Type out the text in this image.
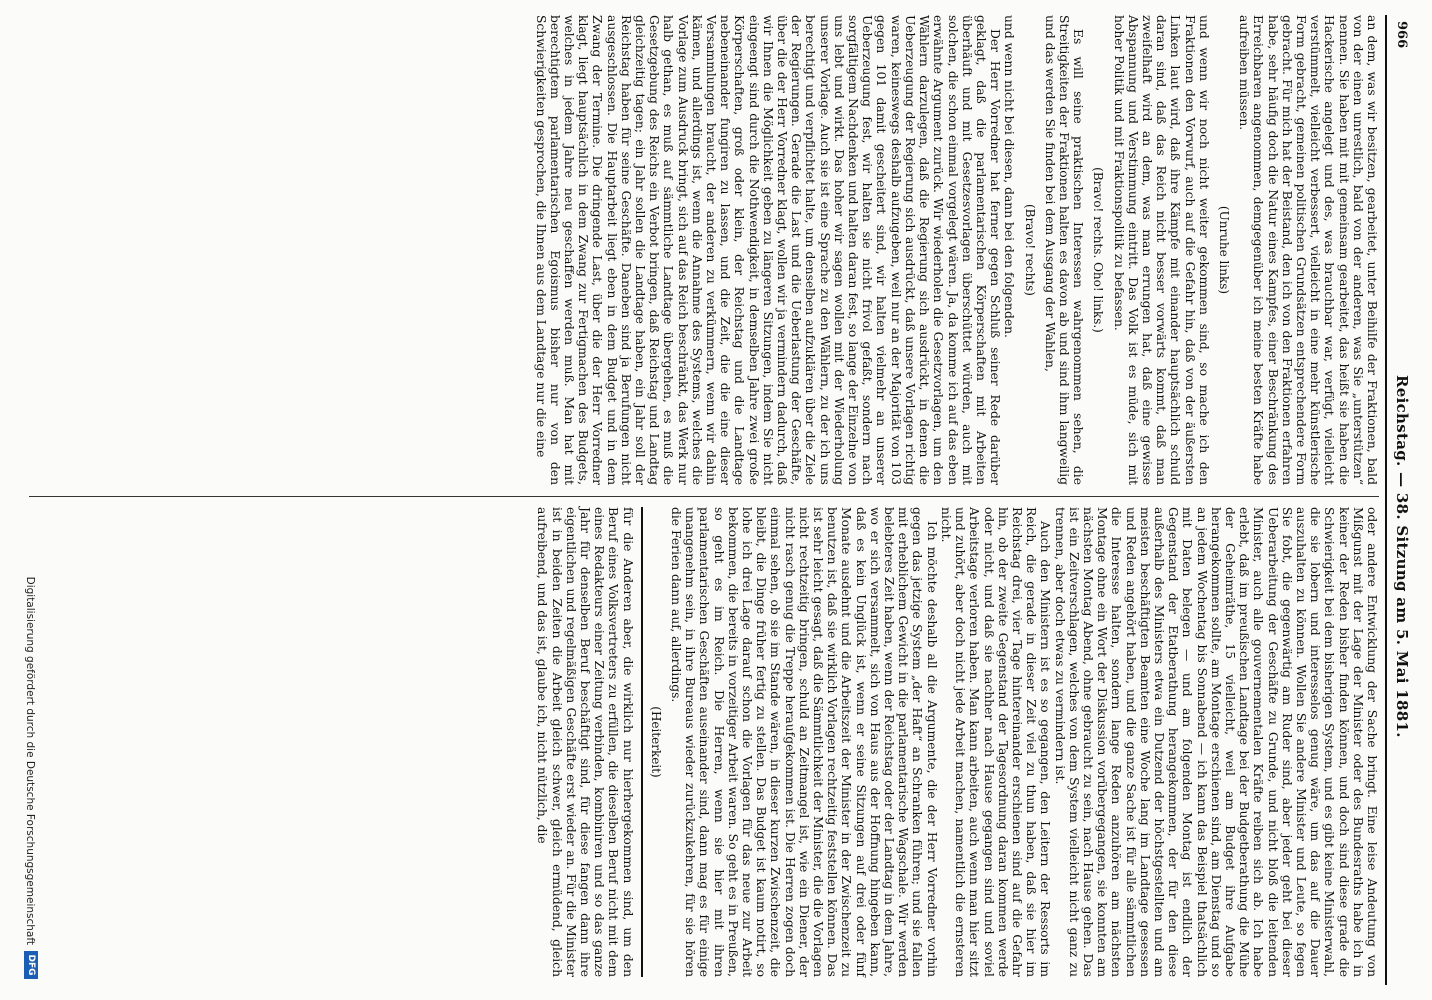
966
Reichstag. — 38. Sitzung am 5. Mai 1881.

an dem, was wir besitzen, gearbeitet, unter Beihilfe der Fraktionen, bald von der einen unrestlich, bald von der anderen, was Sie „unterstützen“ nennen. Sie haben mit mit gemeinsam gearbeitet, das heißt sie haben die Hackerische angelegt und des, was brauchbar war, verfügt, vielleicht verstümmelt, vielleicht verbessert, vielleicht in eine mehr künstlerische Form gebracht, gemeinen politischen Grundsätzen entsprechendere Form gebracht. Für mich hat der Beistand, den ich von den Fraktionen erfahren habe, sehr häufig doch die Natur eines Kampfes, einer Beschränkung des Erreichbaren angenommen, demgegenüber ich meine besten Kräfte habe aufreiben müssen.

(Unruhe links)

und wenn wir noch nicht weiter gekommen sind, so mache ich den Fraktionen den Vorwurf, auch auf die Gefahr hin, daß von der äußersten Linken laut wird, daß ihre Kämpfe mit einander hauptsächlich schuld daran sind, daß das Reich nicht besser vorwärts kommt, daß man zweifelhaft wird an dem, was man errungen hat, daß eine gewisse Abspannung und Verstimmung eintritt. Das Volk ist es müde, sich mit hoher Politik und mit Fraktionspolitik zu befassen.

(Bravo! rechts. Oho! links.)

Es will seine praktischen Interessen wahrgenommen sehen, die Streitigkeiten der Fraktionen halten es davon ab und sind ihm langweilig und das werden Sie finden bei dem Ausgang der Wahlen,

(Bravo! rechts)

und wenn nicht bei diesen, dann bei den folgenden.

Der Herr Vorredner hat ferner gegen Schluß seiner Rede darüber geklagt, daß die parlamentarischen Körperschaften mit Arbeiten überhäuft und mit Gesetzesvorlagen überschüttet würden, auch mit solchen, die schon einmal vorgelegt wären. Ja, da komme ich auf das eben erwähnte Argument zurück. Wir wiederholen die Gesetzvorlagen, um den Wählern darzulegen, daß die Regierung sich ausdrückt, in denen die Ueberzeugung der Regierung sich ausdrückt, daß unsere Vorlagen richtig waren, keineswegs deshalb aufzugeben, weil nur an der Majorität von 103 gegen 101 damit gescheitert sind, wir halten vielmehr an unserer Ueberzeugung fest, wir halten sie nicht frivol gefaßt, sondern nach sorgfältigem Nachdenken und halten daran fest, so lange der Einzelne von uns lebt und wirkt. Das hoher wir sagen wollen mit der Wiederholung unserer Vorlage. Auch sie ist eine Sprache zu den Wählern, zu der ich uns berechtigt und verpflichtet halte, um denselben aufzuklären über die Ziele der Regierungen. Gerade die Last und die Ueberlastung der Geschäfte, über die der Herr Vorredner klagt, wollen wir ja vermindern dadurch, daß wir Ihnen die Möglichkeit geben zu längeren Sitzungen, indem Sie nicht eingeengt sind durch die Nothwendigkeit, in demselben Jahre zwei große Körperschaften, groß oder klein, der Reichstag und die Landtage nebeneinander fungiren zu lassen, und die Zeit, die die eine dieser Versammlungen braucht, der anderen zu verkümmern, wenn wir dahin kämen, und allerdings ist, wenn die Annahme des Systems, welches die Vorlage zum Ausdruck bringt, sich auf das Reich beschränkt, das Werk nur halb gethan, es muß auf sämmtliche Landtage übergehen, es muß die Gesetzgebung des Reichs ein Verbot bringen, daß Reichstag und Landtag gleichzeitig tagen; ein Jahr sollen die Landtage haben, ein Jahr soll der Reichstag haben für seine Geschäfte. Daneben sind ja Berufungen nicht ausgeschlossen. Die Hauptarbeit liegt eben in dem Budget und in dem Zwang der Termine. Die dringende Last, über die der Herr Vorredner klagt, liegt hauptsächlich in dem Zwang zur Fertigmachen des Budgets, welches in jedem Jahre neu geschaffen werden muß. Man hat mit berechtigtem parlamentarischen Egoismus bisher nur von den Schwierigkeiten gesprochen, die Ihnen aus dem Landtage nur die eine

oder andere Entwicklung der Sache bringt. Eine leise Andeutung von Mißgunst mit der Lage der Minister oder des Bundesraths habe ich in keiner der Reden bisher finden können, und doch sind diese grade die Schwierigkeit bei dem bisherigen System, und es gibt keine Ministerwahl, die sie lobern und interesselos genug wäre, um das auf die Dauer auszuhalten zu können. Wollen Sie andere Minister und Leute, so fegen Sie fobt, die gegenwärtig am Ruder sind, aber jeder geht bei dieser Ueberarbeitung der Geschäfte zu Grunde, und nicht bloß die leitenden Minister, auch alle gouvernementalen Kräfte reiben sich ab. Ich habe erlebt, daß im preußischen Landtage bei der Budgetberathung die Mühe der Geheimräthe, 15 vielleicht, weil am Budget ihre Aufgabe herangekommen sollte, am Montage erschienen sind, am Dienstag und so an jedem Wochentag bis Sonnabend — ich kann das Beispiel thatsächlich mit Daten belegen — und am folgenden Montag ist endlich der Gegenstand der Etatberathung herangekommen, der für den diese außerhalb des Ministers etwa ein Dutzend der höchstgestellten und am meisten beschäftigten Beamten eine Woche lang im Landtage gesessen und Reden angehört haben, und die ganze Sache ist für alle sämmtlichen die Interesse halten, sondern lange Reden anzuhören am nächsten Montage ohne ein Wort der Diskussion vorübergegangen, sie konnten am nächsten Montag Abend, ohne gebraucht zu sein, nach Hause gehen. Das ist ein Zeitverschlagen, welches von dem System vielleicht nicht ganz zu trennen, aber doch etwas zu vermindern ist.

Auch den Ministern ist es so gegangen, den Leitern der Ressorts im Reich, die gerade in dieser Zeit viel zu thun haben, daß sie hier im Reichstag drei, vier Tage hintereinander erschienen sind auf die Gefahr hin, ob der zweite Gegenstand der Tagesordnung daran kommen werde oder nicht, und daß sie nachher nach Hause gegangen sind und soviel Arbeitstage verloren haben. Man kann arbeiten, auch wenn man hier sitzt und zuhört, aber doch nicht jede Arbeit machen, namentlich die ernsteren nicht.

Ich möchte deshalb all die Argumente, die der Herr Vorredner vorhin gegen das jetzige System „der Haft“ an Schranken führen; und sie fallen mit erheblichem Gewicht in die parlamentarische Wagschale. Wir werden belebteres Zeit haben, wenn der Reichstag oder der Landtag in dem Jahre, wo er sich versammelt, sich von Haus aus der Hoffnung hingeben kann, daß es kein Unglück ist, wenn er seine Sitzungen auf drei oder fünf Monate ausdehnt und die Arbeitszeit der Minister in der Zwischenzeit zu benutzen ist, daß sie wirklich Vorlagen rechtzeitig feststellen können. Das ist sehr leicht gesagt, daß die Sämmtlichkeit der Minister, die die Vorlagen nicht rechtzeitig bringen, schuld an Zeitmangel ist, wie ein Diener, der nicht rasch genug die Treppe heraufgekommen ist. Die Herren zogen doch einmal sehen, ob sie im Stande wären, in dieser kurzen Zwischenzeit, die bleibt, die Dinge früher fertig zu stellen. Das Budget ist kaum notirt, so lohe ich drei Lage darauf schon die Vorlagen für das neue zur Arbeit bekommen, die bereits in vorzeitiger Arbeit waren. So geht es in Preußen, so geht es im Reich. Die Herren, wenn sie hier mit ihren parlamentarischen Geschäften auseinander sind, dann mag es für einige unangenehm sein, in ihre Bureaus wieder zurückzukehren, für sie hören die Ferien dann auf, allerdings.

(Heiterkeit)

für die Anderen aber, die wirklich nur hierhergekommen sind, um den Beruf eines Volksvertreters zu erfüllen, die dieselben Beruf nicht mit dem eines Redakteurs einer Zeitung verbinden, kombiniren und so das ganze Jahr für denselben Beruf beschäftigt sind, für diese fangen dann ihre eigentlichen und regelmäßigen Geschäfte erst wieder an. Für die Minister ist in beiden Zeiten die Arbeit gleich schwer, gleich ermüdend, gleich aufreibend, und das ist, glaube ich, nicht nützlich, die

Digitalisierung gefördert durch die Deutsche Forschungsgemeinschaft
DFG
